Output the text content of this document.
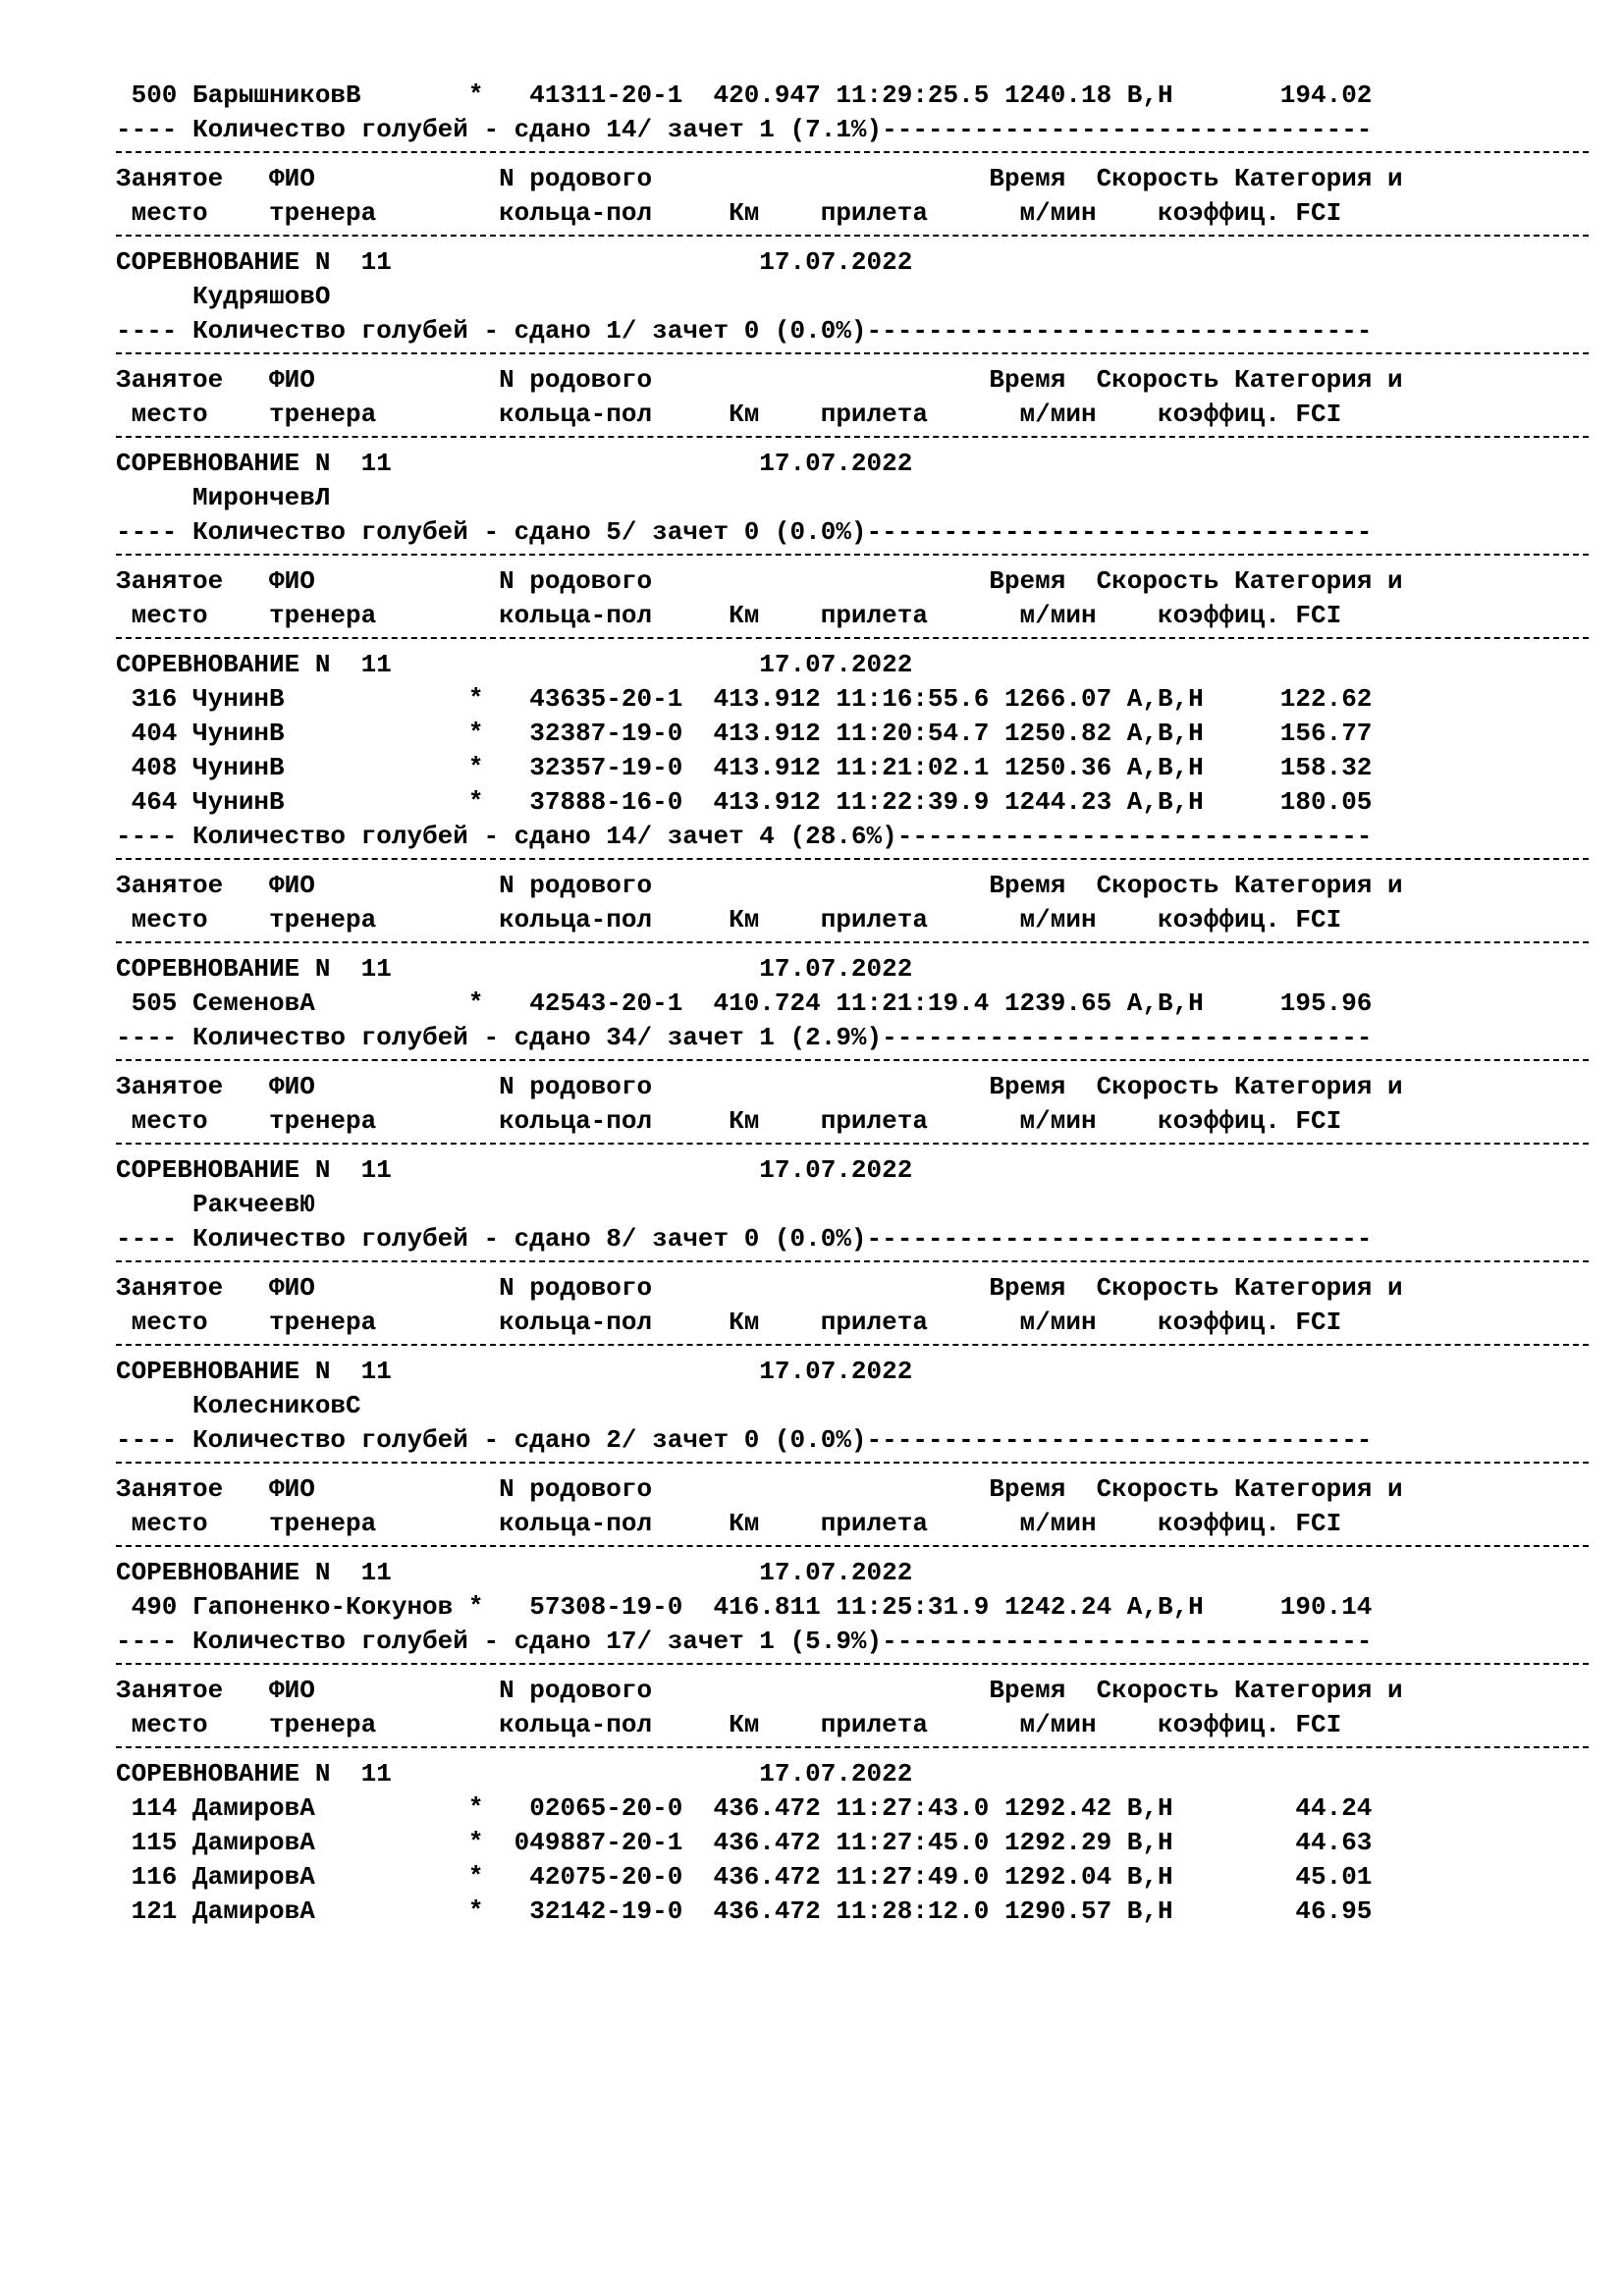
500 БарышниковВ       *   41311-20-1  420.947 11:29:25.5 1240.18 B,H       194.02
---- Количество голубей - сдано 14/ зачет 1 (7.1%)--------------------------------
Занятое   ФИО            N родового                      Время  Скорость Категория и
место    тренера        кольца-пол     Км    прилета      м/мин    коэффиц. FCI
СОРЕВНОВАНИЕ N  11                        17.07.2022
КудряшовО
---- Количество голубей - сдано 1/ зачет 0 (0.0%)---------------------------------
Занятое   ФИО            N родового                      Время  Скорость Категория и
место    тренера        кольца-пол     Км    прилета      м/мин    коэффиц. FCI
СОРЕВНОВАНИЕ N  11                        17.07.2022
МирончевЛ
---- Количество голубей - сдано 5/ зачет 0 (0.0%)---------------------------------
Занятое   ФИО            N родового                      Время  Скорость Категория и
место    тренера        кольца-пол     Км    прилета      м/мин    коэффиц. FCI
СОРЕВНОВАНИЕ N  11                        17.07.2022
316 ЧунинВ            *   43635-20-1  413.912 11:16:55.6 1266.07 A,B,H     122.62
404 ЧунинВ            *   32387-19-0  413.912 11:20:54.7 1250.82 A,B,H     156.77
408 ЧунинВ            *   32357-19-0  413.912 11:21:02.1 1250.36 A,B,H     158.32
464 ЧунинВ            *   37888-16-0  413.912 11:22:39.9 1244.23 A,B,H     180.05
---- Количество голубей - сдано 14/ зачет 4 (28.6%)-------------------------------
Занятое   ФИО            N родового                      Время  Скорость Категория и
место    тренера        кольца-пол     Км    прилета      м/мин    коэффиц. FCI
СОРЕВНОВАНИЕ N  11                        17.07.2022
505 СеменовА          *   42543-20-1  410.724 11:21:19.4 1239.65 A,B,H     195.96
---- Количество голубей - сдано 34/ зачет 1 (2.9%)--------------------------------
Занятое   ФИО            N родового                      Время  Скорость Категория и
место    тренера        кольца-пол     Км    прилета      м/мин    коэффиц. FCI
СОРЕВНОВАНИЕ N  11                        17.07.2022
РакчеевЮ
---- Количество голубей - сдано 8/ зачет 0 (0.0%)---------------------------------
Занятое   ФИО            N родового                      Время  Скорость Категория и
место    тренера        кольца-пол     Км    прилета      м/мин    коэффиц. FCI
СОРЕВНОВАНИЕ N  11                        17.07.2022
КолесниковС
---- Количество голубей - сдано 2/ зачет 0 (0.0%)---------------------------------
Занятое   ФИО            N родового                      Время  Скорость Категория и
место    тренера        кольца-пол     Км    прилета      м/мин    коэффиц. FCI
СОРЕВНОВАНИЕ N  11                        17.07.2022
490 Гапоненко-Кокунов *   57308-19-0  416.811 11:25:31.9 1242.24 A,B,H     190.14
---- Количество голубей - сдано 17/ зачет 1 (5.9%)--------------------------------
Занятое   ФИО            N родового                      Время  Скорость Категория и
место    тренера        кольца-пол     Км    прилета      м/мин    коэффиц. FCI
СОРЕВНОВАНИЕ N  11                        17.07.2022
114 ДамировА          *   02065-20-0  436.472 11:27:43.0 1292.42 B,H        44.24
115 ДамировА          *  049887-20-1  436.472 11:27:45.0 1292.29 B,H        44.63
116 ДамировА          *   42075-20-0  436.472 11:27:49.0 1292.04 B,H        45.01
121 ДамировА          *   32142-19-0  436.472 11:28:12.0 1290.57 B,H        46.95
